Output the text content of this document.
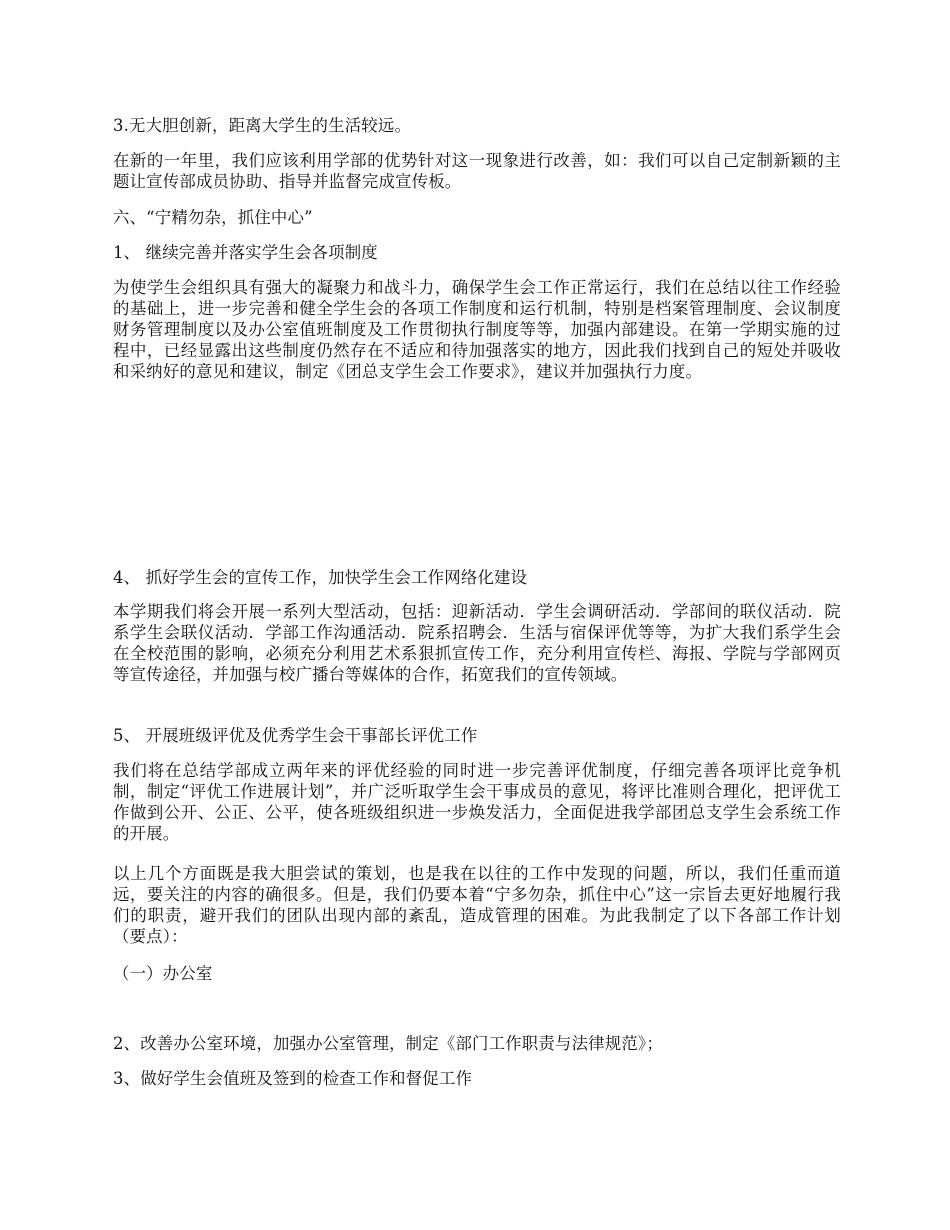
3.无大胆创新，距离大学生的生活较远。

在新的一年里，我们应该利用学部的优势针对这一现象进行改善，如：我们可以自己定制新颖的主题让宣传部成员协助、指导并监督完成宣传板。

六、“宁精勿杂，抓住中心”

1、 继续完善并落实学生会各项制度

为使学生会组织具有强大的凝聚力和战斗力，确保学生会工作正常运行，我们在总结以往工作经验的基础上，进一步完善和健全学生会的各项工作制度和运行机制，特别是档案管理制度、会议制度财务管理制度以及办公室值班制度及工作贯彻执行制度等等，加强内部建设。在第一学期实施的过程中，已经显露出这些制度仍然存在不适应和待加强落实的地方，因此我们找到自己的短处并吸收和采纳好的意见和建议，制定《团总支学生会工作要求》，建议并加强执行力度。

4、 抓好学生会的宣传工作，加快学生会工作网络化建设

本学期我们将会开展一系列大型活动，包括：迎新活动．学生会调研活动．学部间的联仪活动．院系学生会联仪活动．学部工作沟通活动．院系招聘会．生活与宿保评优等等，为扩大我们系学生会在全校范围的影响，必须充分利用艺术系狠抓宣传工作，充分利用宣传栏、海报、学院与学部网页等宣传途径，并加强与校广播台等媒体的合作，拓宽我们的宣传领域。

5、 开展班级评优及优秀学生会干事部长评优工作

我们将在总结学部成立两年来的评优经验的同时进一步完善评优制度，仔细完善各项评比竞争机制，制定“评优工作进展计划”，并广泛听取学生会干事成员的意见，将评比准则合理化，把评优工作做到公开、公正、公平，使各班级组织进一步焕发活力，全面促进我学部团总支学生会系统工作的开展。

以上几个方面既是我大胆尝试的策划，也是我在以往的工作中发现的问题，所以，我们任重而道远，要关注的内容的确很多。但是，我们仍要本着“宁多勿杂，抓住中心”这一宗旨去更好地履行我们的职责，避开我们的团队出现内部的紊乱，造成管理的困难。为此我制定了以下各部工作计划（要点）：

（一）办公室

2、改善办公室环境，加强办公室管理，制定《部门工作职责与法律规范》；

3、做好学生会值班及签到的检查工作和督促工作
